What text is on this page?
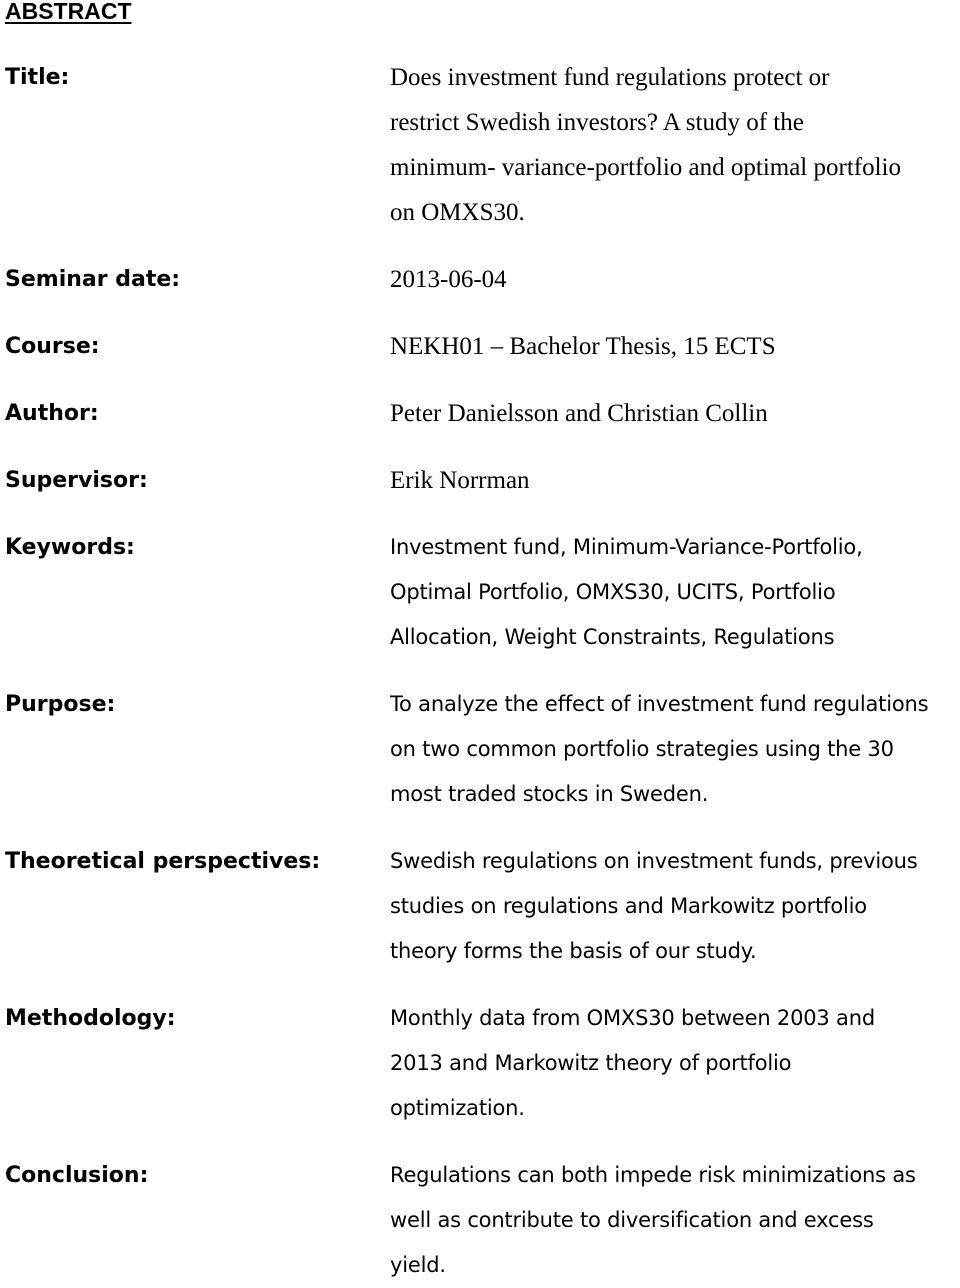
ABSTRACT
Title:	Does investment fund regulations protect or
restrict Swedish investors? A study of the
minimum- variance-portfolio and optimal portfolio
on OMXS30.
Seminar date:	2013-06-04
Course:	NEKH01 – Bachelor Thesis, 15 ECTS
Author:	Peter Danielsson and Christian Collin
Supervisor:	Erik Norrman
Keywords:	Investment fund, Minimum-Variance-Portfolio,
Optimal Portfolio, OMXS30, UCITS, Portfolio
Allocation, Weight Constraints, Regulations
Purpose:	To analyze the effect of investment fund regulations
on two common portfolio strategies using the 30
most traded stocks in Sweden.
Theoretical perspectives:	Swedish regulations on investment funds, previous
studies on regulations and Markowitz portfolio
theory forms the basis of our study.
Methodology:	Monthly data from OMXS30 between 2003 and
2013 and Markowitz theory of portfolio
optimization.
Conclusion:	Regulations can both impede risk minimizations as
well as contribute to diversification and excess
yield.
